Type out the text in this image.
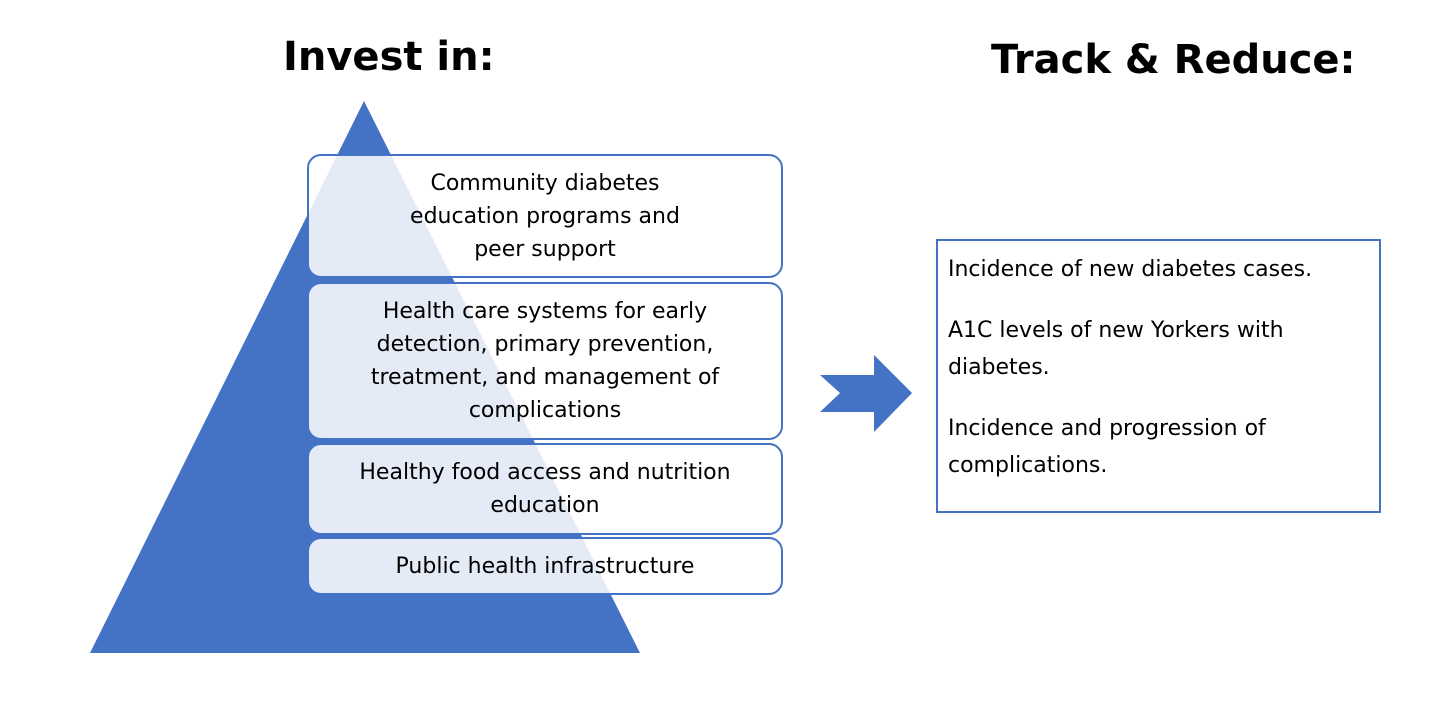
Invest in:	Track & Reduce:
Community diabetes
education programs and
peer support
Health care systems for early
detection, primary prevention,
treatment, and management of
complications
Healthy food access and nutrition
education
Public health infrastructure
Incidence of new diabetes cases.
A1C levels of new Yorkers with
diabetes.
Incidence and progression of
complications.
